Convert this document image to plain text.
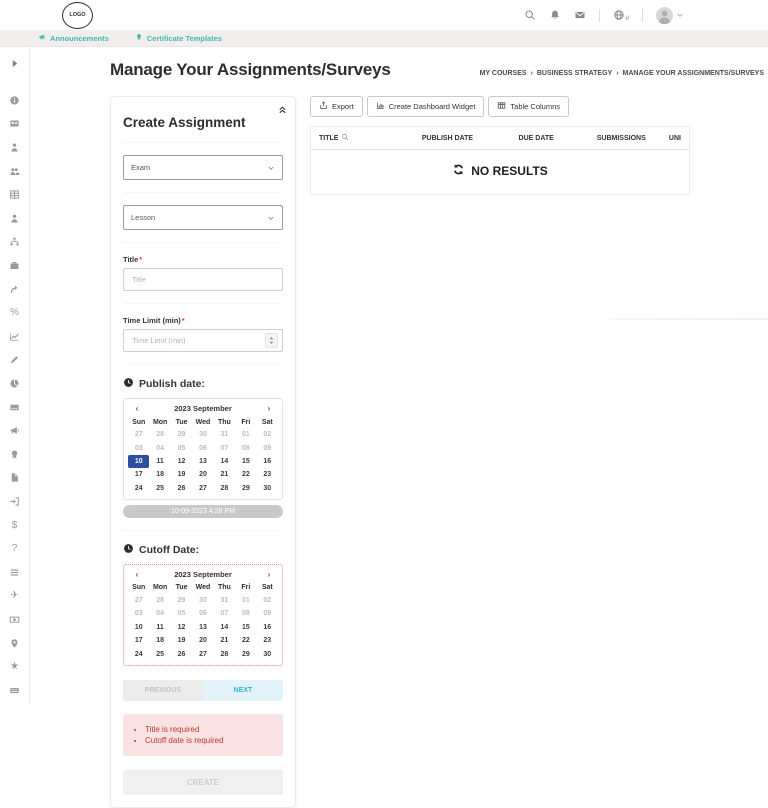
LOGO	μ
Announcements	Certificate Templates
%
$
?
✈
★
Manage Your Assignments/Surveys	MY COURSES › BUSINESS STRATEGY › MANAGE YOUR ASSIGNMENTS/SURVEYS
Create Assignment
Exam
Lesson
Title*
Title
Time Limit (min)*
Time Limit (min)
Publish date:
‹	2023 September	›
Sun	Mon	Tue	Wed	Thu	Fri	Sat
27	28	29	30	31	01	02
03	04	05	06	07	08	09
10	11	12	13	14	15	16
17	18	19	20	21	22	23
24	25	26	27	28	29	30
10-09-2023 4:28 PM
Cutoff Date:
‹	2023 September	›
Sun	Mon	Tue	Wed	Thu	Fri	Sat
27	28	29	30	31	01	02
03	04	05	06	07	08	09
10	11	12	13	14	15	16
17	18	19	20	21	22	23
24	25	26	27	28	29	30
PREVIOUS	NEXT
• Title is required
• Cutoff date is required
CREATE
Export	Create Dashboard Widget	Table Columns
TITLE	PUBLISH DATE	DUE DATE	SUBMISSIONS	UNI
NO RESULTS
